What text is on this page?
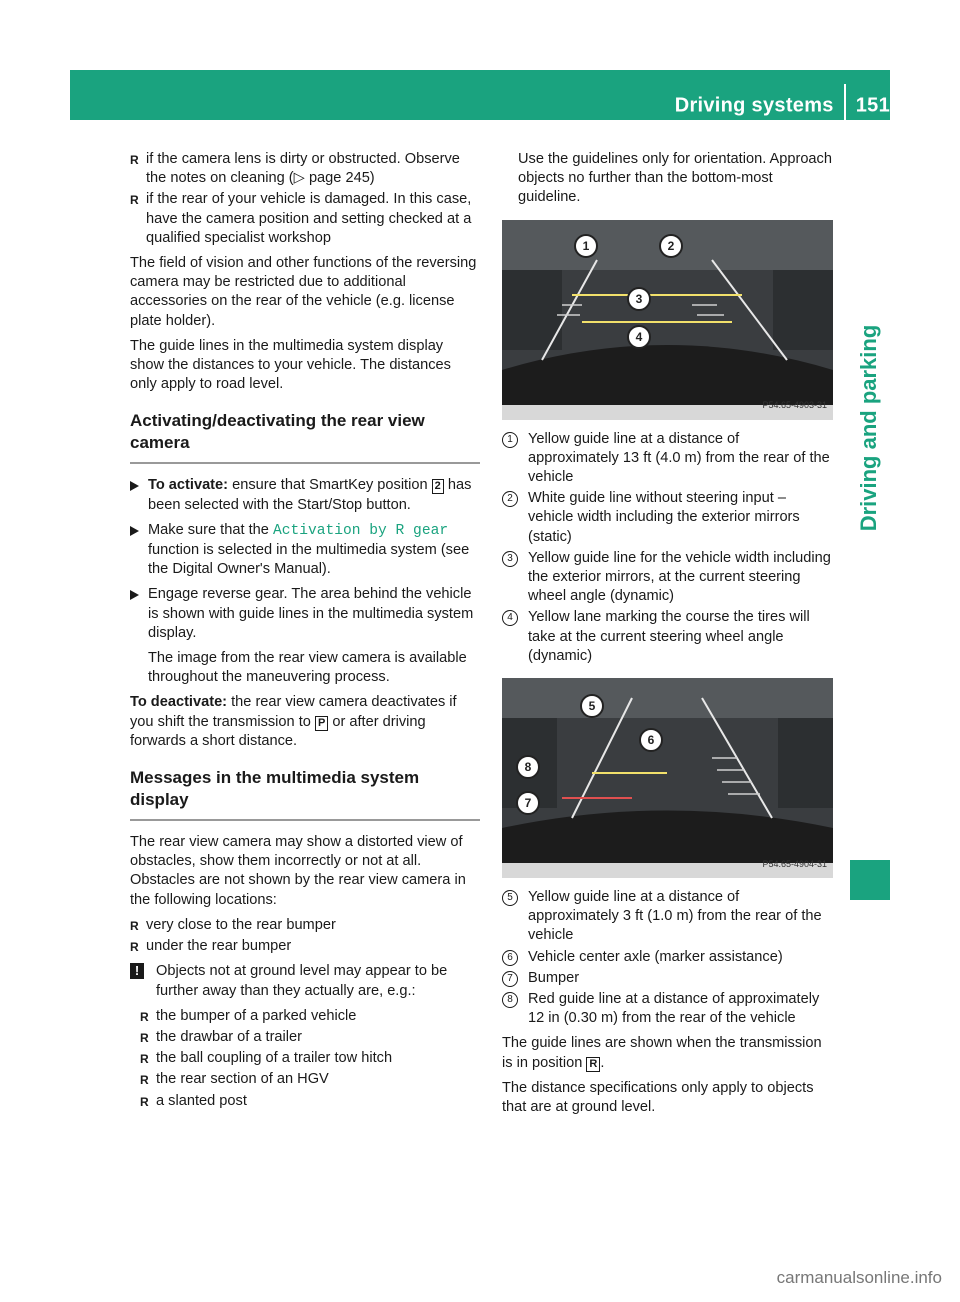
Driving systems 151
Driving and parking
R if the camera lens is dirty or obstructed. Observe the notes on cleaning (▷ page 245)
R if the rear of your vehicle is damaged. In this case, have the camera position and setting checked at a qualified specialist workshop

The field of vision and other functions of the reversing camera may be restricted due to additional accessories on the rear of the vehicle (e.g. license plate holder).

The guide lines in the multimedia system display show the distances to your vehicle. The distances only apply to road level.

Activating/deactivating the rear view camera
To activate: ensure that SmartKey position 2 has been selected with the Start/Stop button.
Make sure that the Activation by R gear function is selected in the multimedia system (see the Digital Owner's Manual).
Engage reverse gear. The area behind the vehicle is shown with guide lines in the multimedia system display.
The image from the rear view camera is available throughout the maneuvering process.

To deactivate: the rear view camera deactivates if you shift the transmission to P or after driving forwards a short distance.

Messages in the multimedia system display

The rear view camera may show a distorted view of obstacles, show them incorrectly or not at all. Obstacles are not shown by the rear view camera in the following locations:

R very close to the rear bumper
R under the rear bumper
!	Objects not at ground level may appear to be further away than they actually are, e.g.:
R the bumper of a parked vehicle
R the drawbar of a trailer
R the ball coupling of a trailer tow hitch
R the rear section of an HGV
R a slanted post

Use the guidelines only for orientation. Approach objects no further than the bottom-most guideline.

1	2
3
4
P54.65-4903-31
1	Yellow guide line at a distance of approximately 13 ft (4.0 m) from the rear of the vehicle
2	White guide line without steering input – vehicle width including the exterior mirrors (static)
3	Yellow guide line for the vehicle width including the exterior mirrors, at the current steering wheel angle (dynamic)
4	Yellow lane marking the course the tires will take at the current steering wheel angle (dynamic)
5
6
8
7
P54.65-4904-31
5	Yellow guide line at a distance of approximately 3 ft (1.0 m) from the rear of the vehicle
6	Vehicle center axle (marker assistance)
7	Bumper
8	Red guide line at a distance of approximately 12 in (0.30 m) from the rear of the vehicle

The guide lines are shown when the transmission is in position R .

The distance specifications only apply to objects that are at ground level.

carmanualsonline.info
